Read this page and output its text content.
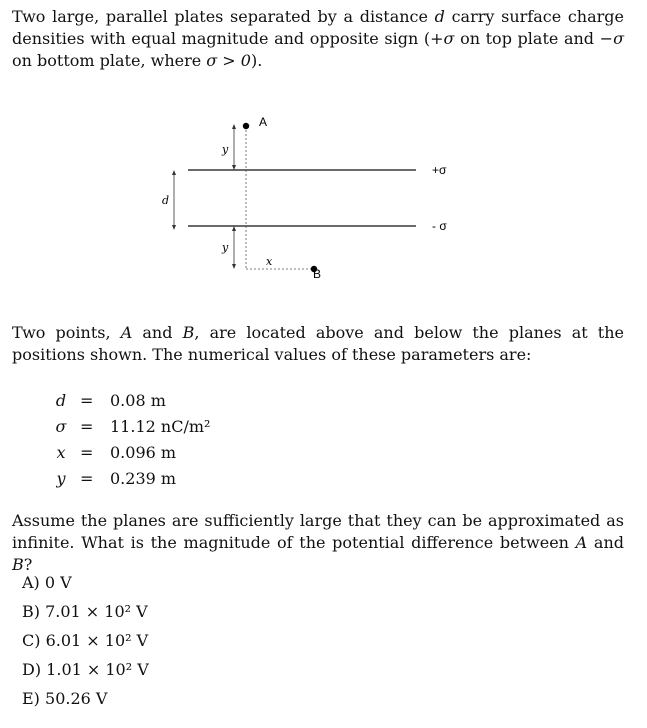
Two large, parallel plates separated by a distance d carry surface charge densities with equal magnitude and opposite sign (+σ on top plate and −σ on bottom plate, where σ > 0).
+σ
- σ
d
y
y
x
A
B
Two points, A and B, are located above and below the planes at the positions shown. The numerical values of these parameters are:
d = 0.08 m
σ = 11.12 nC/m²
x = 0.096 m
y = 0.239 m
Assume the planes are sufficiently large that they can be approximated as infinite. What is the magnitude of the potential difference between A and B?
A) 0 V
B) 7.01 × 10² V
C) 6.01 × 10² V
D) 1.01 × 10² V
E) 50.26 V
